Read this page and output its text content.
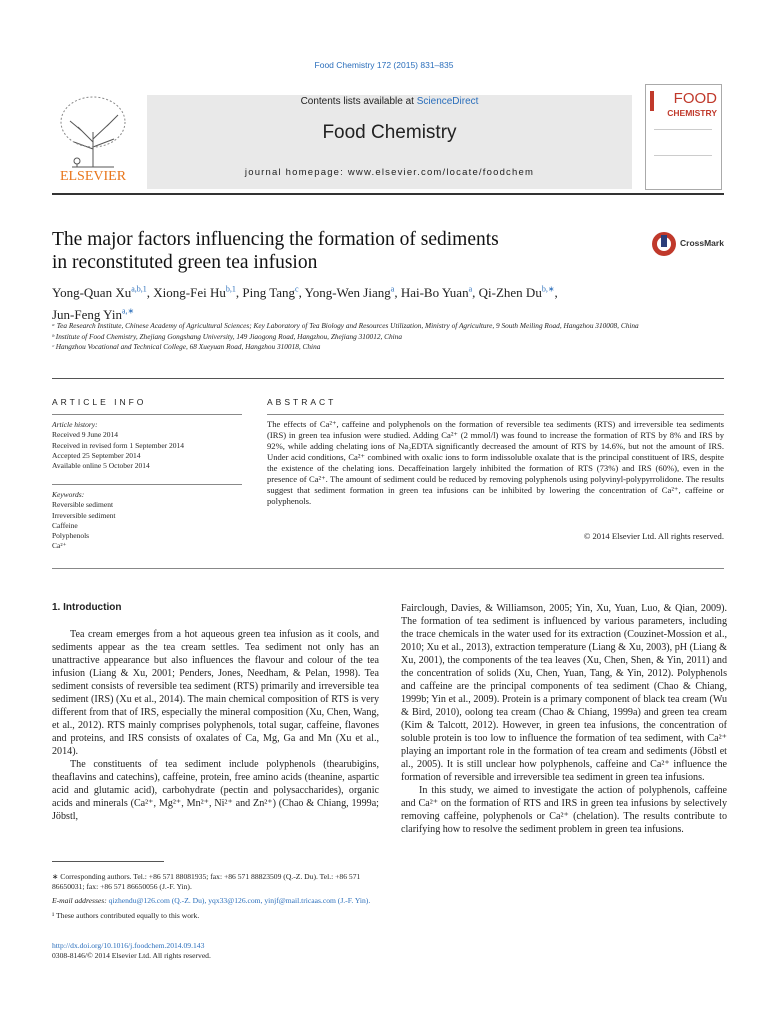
Food Chemistry 172 (2015) 831–835
Contents lists available at ScienceDirect
Food Chemistry
journal homepage: www.elsevier.com/locate/foodchem
ELSEVIER
FOOD
CHEMISTRY
The major factors influencing the formation of sediments
in reconstituted green tea infusion
CrossMark
Yong-Quan Xu$^{a,b,1}$, Xiong-Fei Hu$^{b,1}$, Ping Tang$^c$, Yong-Wen Jiang$^a$, Hai-Bo Yuan$^a$, Qi-Zhen $Du^{b,∗}$,
Jun-Feng Yin$^{a,∗}$

ᵃ Tea Research Institute, Chinese Academy of Agricultural Sciences; Key Laboratory of Tea Biology and Resources Utilization, Ministry of Agriculture, 9 South Meiling Road, Hangzhou 310008, China

ᵇ Institute of Food Chemistry, Zhejiang Gongshang University, 149 Jiaogong Road, Hangzhou, Zhejiang 310012, China

ᶜ Hangzhou Vocational and Technical College, 68 Xueyuan Road, Hangzhou 310018, China

ARTICLE INFO	ABSTRACT

Article history:

Received 9 June 2014

Received in revised form 1 September 2014

Accepted 25 September 2014

Available online 5 October 2014

Keywords:

Reversible sediment

Irreversible sediment

Caffeine

Polyphenols

Ca²⁺

The effects of Ca²⁺, caffeine and polyphenols on the formation of reversible tea sediments (RTS) and irreversible tea sediments (IRS) in green tea infusion were studied. Adding Ca²⁺ (2 mmol/l) was found to increase the formation of RTS by 8% and IRS by 92%, while adding chelating ions of Na₂EDTA significantly decreased the amount of RTS by 14.6%, but not the amount of IRS. Under acid conditions, Ca²⁺ combined with oxalic ions to form indissoluble oxalate that is the principal constituent of IRS, despite the existence of the chelating ions. Decaffeination largely inhibited the formation of RTS (73%) and IRS (60%), even in the presence of Ca²⁺. The amount of sediment could be reduced by removing polyphenols using polyvinyl-polypyrrolidone. The results suggest that sediment formation in green tea infusions can be inhibited by lowering the concentration of Ca²⁺, caffeine or polyphenols.
© 2014 Elsevier Ltd. All rights reserved.
1. Introduction

Tea cream emerges from a hot aqueous green tea infusion as it cools, and sediments appear as the tea cream settles. Tea sediment not only has an unattractive appearance but also influences the flavour and colour of the tea infusion (Liang & Xu, 2001; Penders, Jones, Needham, & Pelan, 1998). Tea sediment consists of reversible tea sediment (RTS) primarily and irreversible tea sediment (IRS) (Xu et al., 2014). The main chemical composition of RTS is very different from that of IRS, especially the mineral composition (Xu, Chen, Wang, et al., 2012). RTS mainly comprises polyphenols, total sugar, caffeine, flavones and proteins, and IRS consists of oxalates of Ca, Mg, Ga and Mn (Xu et al., 2014).

The constituents of tea sediment include polyphenols (thearubigins, theaflavins and catechins), caffeine, protein, free amino acids (theanine, aspartic acid and glutamic acid), carbohydrate (pectin and polysaccharides), organic acids and minerals (Ca²⁺, Mg²⁺, Mn²⁺, Ni²⁺ and Zn²⁺) (Chao & Chiang, 1999a; Jöbstl,

Fairclough, Davies, & Williamson, 2005; Yin, Xu, Yuan, Luo, & Qian, 2009). The formation of tea sediment is influenced by various parameters, including the trace chemicals in the water used for its extraction (Couzinet-Mossion et al., 2010; Xu et al., 2013), extraction temperature (Liang & Xu, 2003), pH (Liang & Xu, 2001), the components of the tea leaves (Xu, Chen, Shen, & Yin, 2011) and the concentration of solids (Xu, Chen, Yuan, Tang, & Yin, 2012). Polyphenols and caffeine are the principal components of tea sediment (Chao & Chiang, 1999b; Yin et al., 2009). Protein is a primary component of black tea cream (Wu & Bird, 2010), oolong tea cream (Chao & Chiang, 1999a) and green tea cream (Kim & Talcott, 2012). However, in green tea infusions, the concentration of soluble protein is too low to influence the formation of tea sediment, with Ca²⁺ playing an important role in the formation of tea cream and sediments (Jöbstl et al., 2005). It is still unclear how polyphenols, caffeine and Ca²⁺ influence the formation of reversible and irreversible tea sediment in green tea infusions.

In this study, we aimed to investigate the action of polyphenols, caffeine and Ca²⁺ on the formation of RTS and IRS in green tea infusions by selectively removing caffeine, polyphenols or Ca²⁺ (chelation). The results contribute to clarifying how to resolve the sediment problem in green tea infusions.

∗ Corresponding authors. Tel.: +86 571 88081935; fax: +86 571 88823509 (Q.-Z. Du). Tel.: +86 571 86650031; fax: +86 571 86650056 (J.-F. Yin).

E-mail addresses: qizhendu@126.com (Q.-Z. Du), yqx33@126.com, yinjf@mail.tricaas.com (J.-F. Yin).

¹ These authors contributed equally to this work.

http://dx.doi.org/10.1016/j.foodchem.2014.09.143

0308-8146/© 2014 Elsevier Ltd. All rights reserved.
